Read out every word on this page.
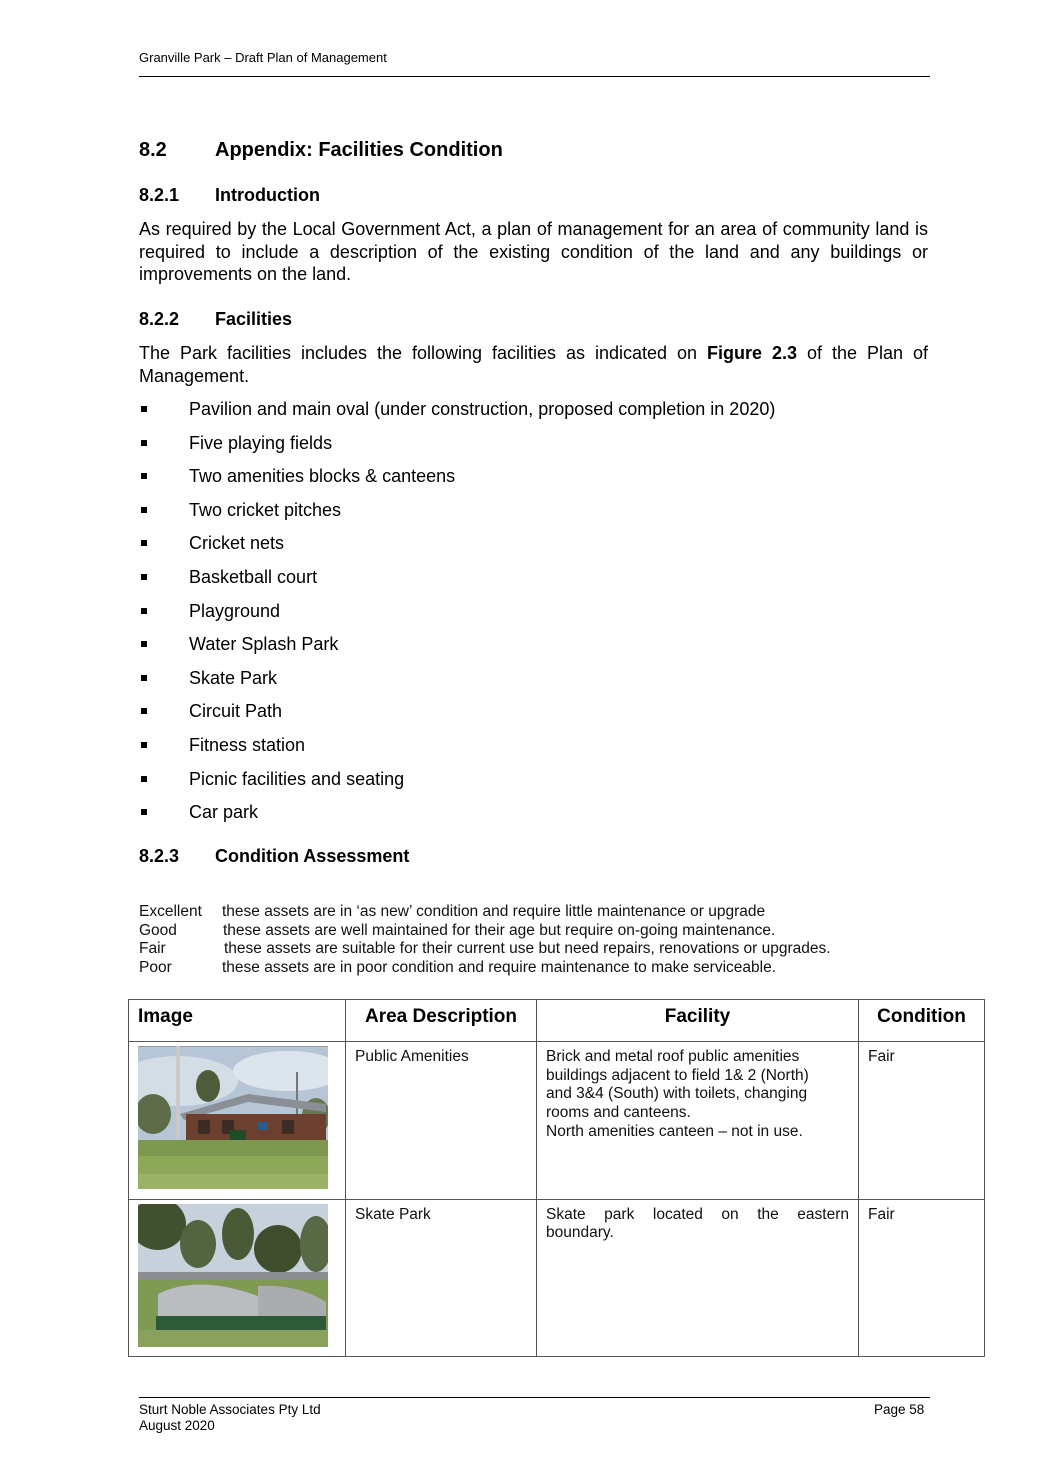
Granville Park – Draft Plan of Management
8.2 Appendix: Facilities Condition
8.2.1 Introduction
As required by the Local Government Act, a plan of management for an area of community land is required to include a description of the existing condition of the land and any buildings or improvements on the land.
8.2.2 Facilities
The Park facilities includes the following facilities as indicated on Figure 2.3 of the Plan of Management.
Pavilion and main oval (under construction, proposed completion in 2020)
Five playing fields
Two amenities blocks & canteens
Two cricket pitches
Cricket nets
Basketball court
Playground
Water Splash Park
Skate Park
Circuit Path
Fitness station
Picnic facilities and seating
Car park
8.2.3 Condition Assessment
Excellent these assets are in ‘as new’ condition and require little maintenance or upgrade
Good	these assets are well maintained for their age but require on-going maintenance.
Fair	these assets are suitable for their current use but need repairs, renovations or upgrades.
Poor	these assets are in poor condition and require maintenance to make serviceable.
Image	Area Description	Facility	Condition
	Public Amenities	Brick and metal roof public amenities
buildings adjacent to field 1& 2 (North)
and 3&4 (South) with toilets, changing
rooms and canteens.
North amenities canteen – not in use.	Fair
	Skate Park	Skate park located on the eastern boundary.	Fair
Sturt Noble Associates Pty Ltd
August 2020
Page 58
